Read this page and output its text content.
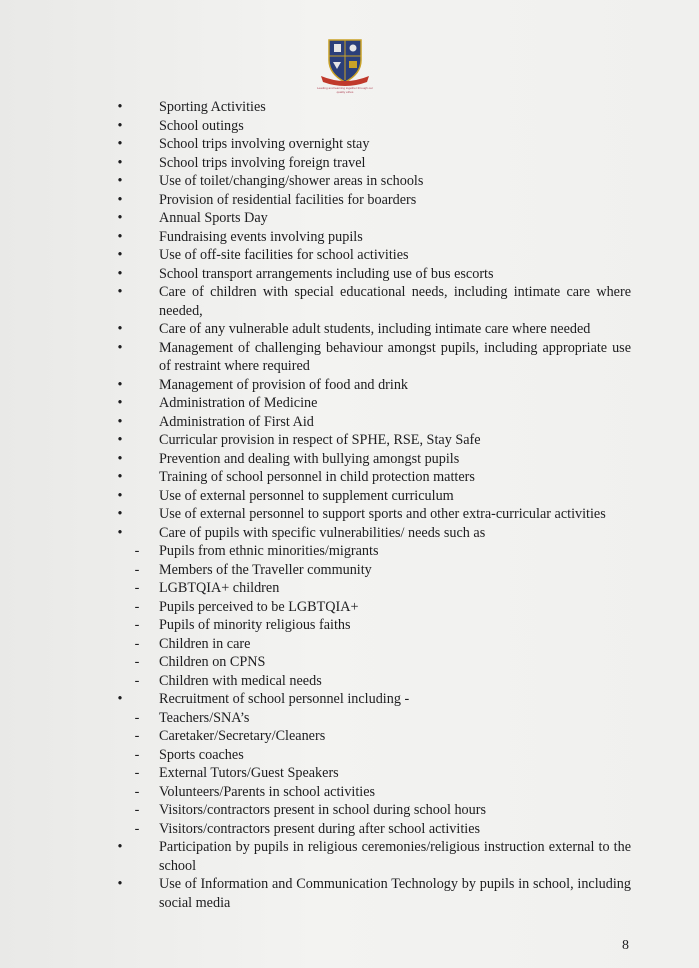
Leading and learning together through our quality ethos
•	Sporting Activities
•	School outings
•	School trips involving overnight stay
•	School trips involving foreign travel
•	Use of toilet/changing/shower areas in schools
•	Provision of residential facilities for boarders
•	Annual Sports Day
•	Fundraising events involving pupils
•	Use of off-site facilities for school activities
•	School transport arrangements including use of bus escorts
•	Care of children with special educational needs, including intimate care where needed,
•	Care of any vulnerable adult students, including intimate care where needed
•	Management of challenging behaviour amongst pupils, including appropriate use of restraint where required
•	Management of provision of food and drink
•	Administration of Medicine
•	Administration of First Aid
•	Curricular provision in respect of SPHE, RSE, Stay Safe
•	Prevention and dealing with bullying amongst pupils
•	Training of school personnel in child protection matters
•	Use of external personnel to supplement curriculum
•	Use of external personnel to support sports and other extra-curricular activities
•	Care of pupils with specific vulnerabilities/ needs such as
- Pupils from ethnic minorities/migrants
- Members of the Traveller community
- LGBTQIA+ children
- Pupils perceived to be LGBTQIA+
- Pupils of minority religious faiths
- Children in care
- Children on CPNS
- Children with medical needs
•	Recruitment of school personnel including -
- Teachers/SNA’s
- Caretaker/Secretary/Cleaners
- Sports coaches
- External Tutors/Guest Speakers
- Volunteers/Parents in school activities
- Visitors/contractors present in school during school hours
- Visitors/contractors present during after school activities
•	Participation by pupils in religious ceremonies/religious instruction external to the school
•	Use of Information and Communication Technology by pupils in school, including social media
8
